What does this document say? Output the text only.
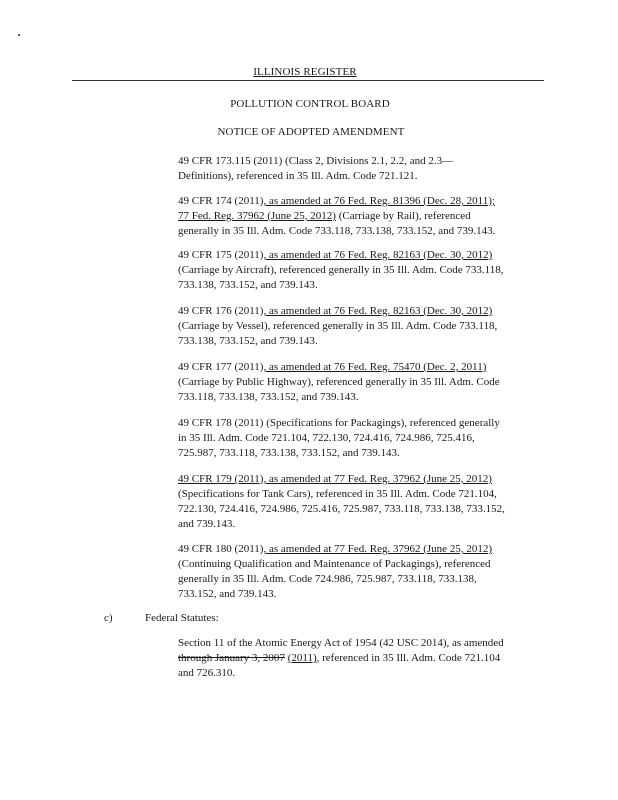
ILLINOIS REGISTER
POLLUTION CONTROL BOARD
NOTICE OF ADOPTED AMENDMENT
49 CFR 173.115 (2011) (Class 2, Divisions 2.1, 2.2, and 2.3—
Definitions), referenced in 35 Ill. Adm. Code 721.121.
49 CFR 174 (2011), as amended at 76 Fed. Reg. 81396 (Dec. 28, 2011);
77 Fed. Reg. 37962 (June 25, 2012) (Carriage by Rail), referenced
generally in 35 Ill. Adm. Code 733.118, 733.138, 733.152, and 739.143.
49 CFR 175 (2011), as amended at 76 Fed. Reg. 82163 (Dec. 30, 2012)
(Carriage by Aircraft), referenced generally in 35 Ill. Adm. Code 733.118,
733.138, 733.152, and 739.143.
49 CFR 176 (2011), as amended at 76 Fed. Reg. 82163 (Dec. 30, 2012)
(Carriage by Vessel), referenced generally in 35 Ill. Adm. Code 733.118,
733.138, 733.152, and 739.143.
49 CFR 177 (2011), as amended at 76 Fed. Reg. 75470 (Dec. 2, 2011)
(Carriage by Public Highway), referenced generally in 35 Ill. Adm. Code
733.118, 733.138, 733.152, and 739.143.
49 CFR 178 (2011) (Specifications for Packagings), referenced generally
in 35 Ill. Adm. Code 721.104, 722.130, 724.416, 724.986, 725.416,
725.987, 733.118, 733.138, 733.152, and 739.143.
49 CFR 179 (2011), as amended at 77 Fed. Reg. 37962 (June 25, 2012)
(Specifications for Tank Cars), referenced in 35 Ill. Adm. Code 721.104,
722.130, 724.416, 724.986, 725.416, 725.987, 733.118, 733.138, 733.152,
and 739.143.
49 CFR 180 (2011), as amended at 77 Fed. Reg. 37962 (June 25, 2012)
(Continuing Qualification and Maintenance of Packagings), referenced
generally in 35 Ill. Adm. Code 724.986, 725.987, 733.118, 733.138,
733.152, and 739.143.
c)	Federal Statutes:
Section 11 of the Atomic Energy Act of 1954 (42 USC 2014), as amended
through January 3, 2007 (2011), referenced in 35 Ill. Adm. Code 721.104
and 726.310.
